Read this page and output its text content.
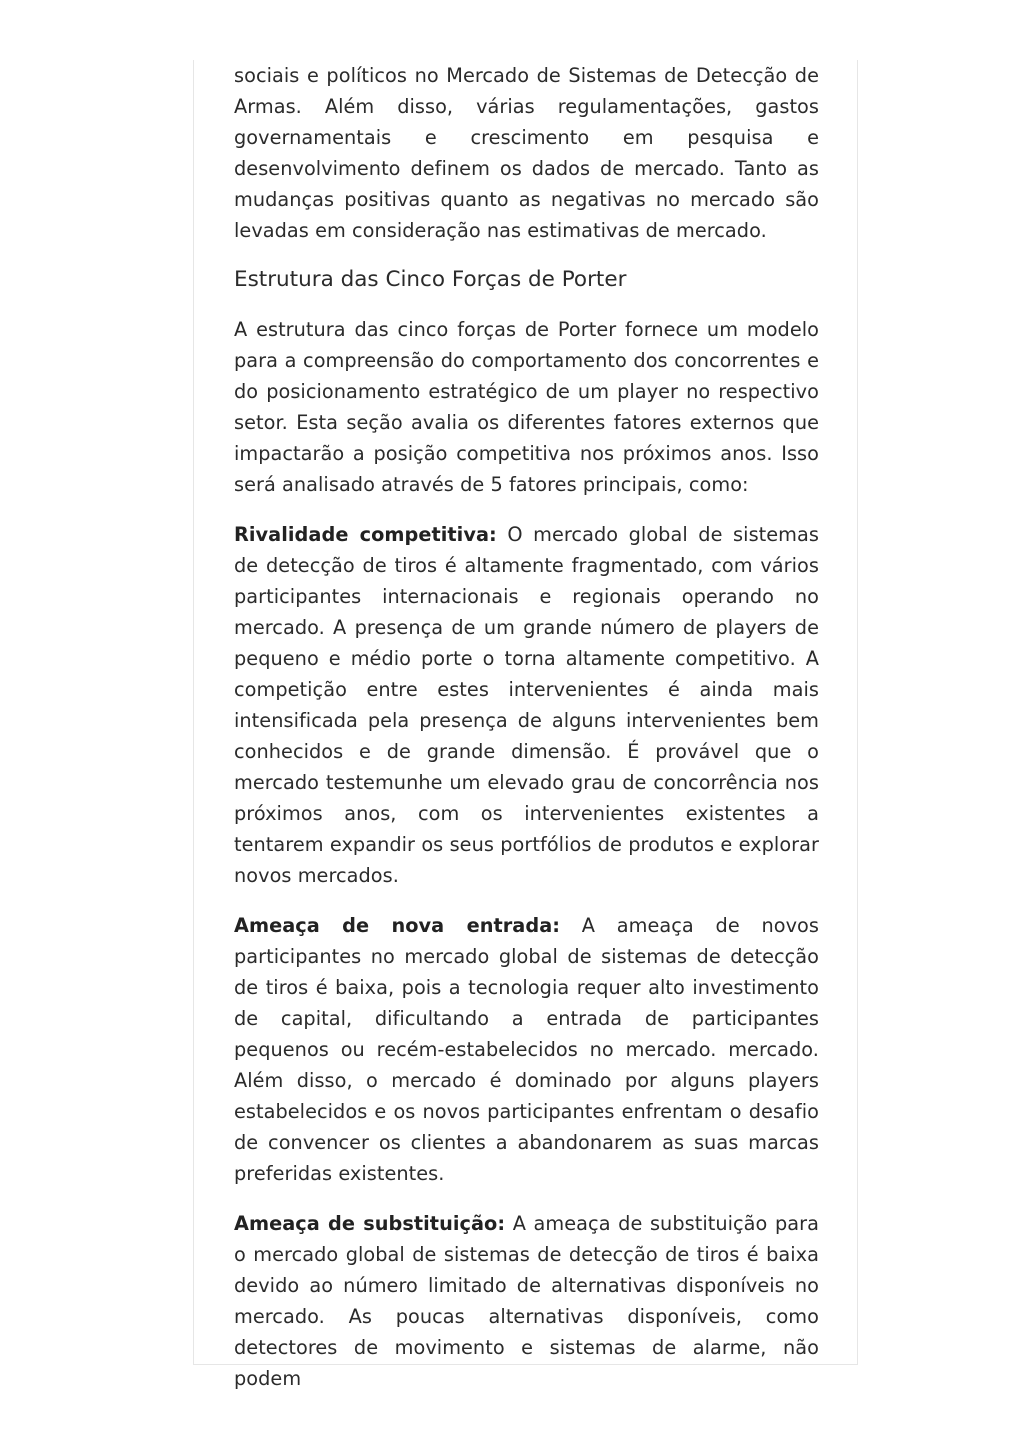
sociais e políticos no Mercado de Sistemas de Detecção de Armas. Além disso, várias regulamentações, gastos governamentais e crescimento em pesquisa e desenvolvimento definem os dados de mercado. Tanto as mudanças positivas quanto as negativas no mercado são levadas em consideração nas estimativas de mercado.

Estrutura das Cinco Forças de Porter

A estrutura das cinco forças de Porter fornece um modelo para a compreensão do comportamento dos concorrentes e do posicionamento estratégico de um player no respectivo setor. Esta seção avalia os diferentes fatores externos que impactarão a posição competitiva nos próximos anos. Isso será analisado através de 5 fatores principais, como:

Rivalidade competitiva: O mercado global de sistemas de detecção de tiros é altamente fragmentado, com vários participantes internacionais e regionais operando no mercado. A presença de um grande número de players de pequeno e médio porte o torna altamente competitivo. A competição entre estes intervenientes é ainda mais intensificada pela presença de alguns intervenientes bem conhecidos e de grande dimensão. É provável que o mercado testemunhe um elevado grau de concorrência nos próximos anos, com os intervenientes existentes a tentarem expandir os seus portfólios de produtos e explorar novos mercados.

Ameaça de nova entrada: A ameaça de novos participantes no mercado global de sistemas de detecção de tiros é baixa, pois a tecnologia requer alto investimento de capital, dificultando a entrada de participantes pequenos ou recém-estabelecidos no mercado. mercado. Além disso, o mercado é dominado por alguns players estabelecidos e os novos participantes enfrentam o desafio de convencer os clientes a abandonarem as suas marcas preferidas existentes.

Ameaça de substituição: A ameaça de substituição para o mercado global de sistemas de detecção de tiros é baixa devido ao número limitado de alternativas disponíveis no mercado. As poucas alternativas disponíveis, como detectores de movimento e sistemas de alarme, não podem
